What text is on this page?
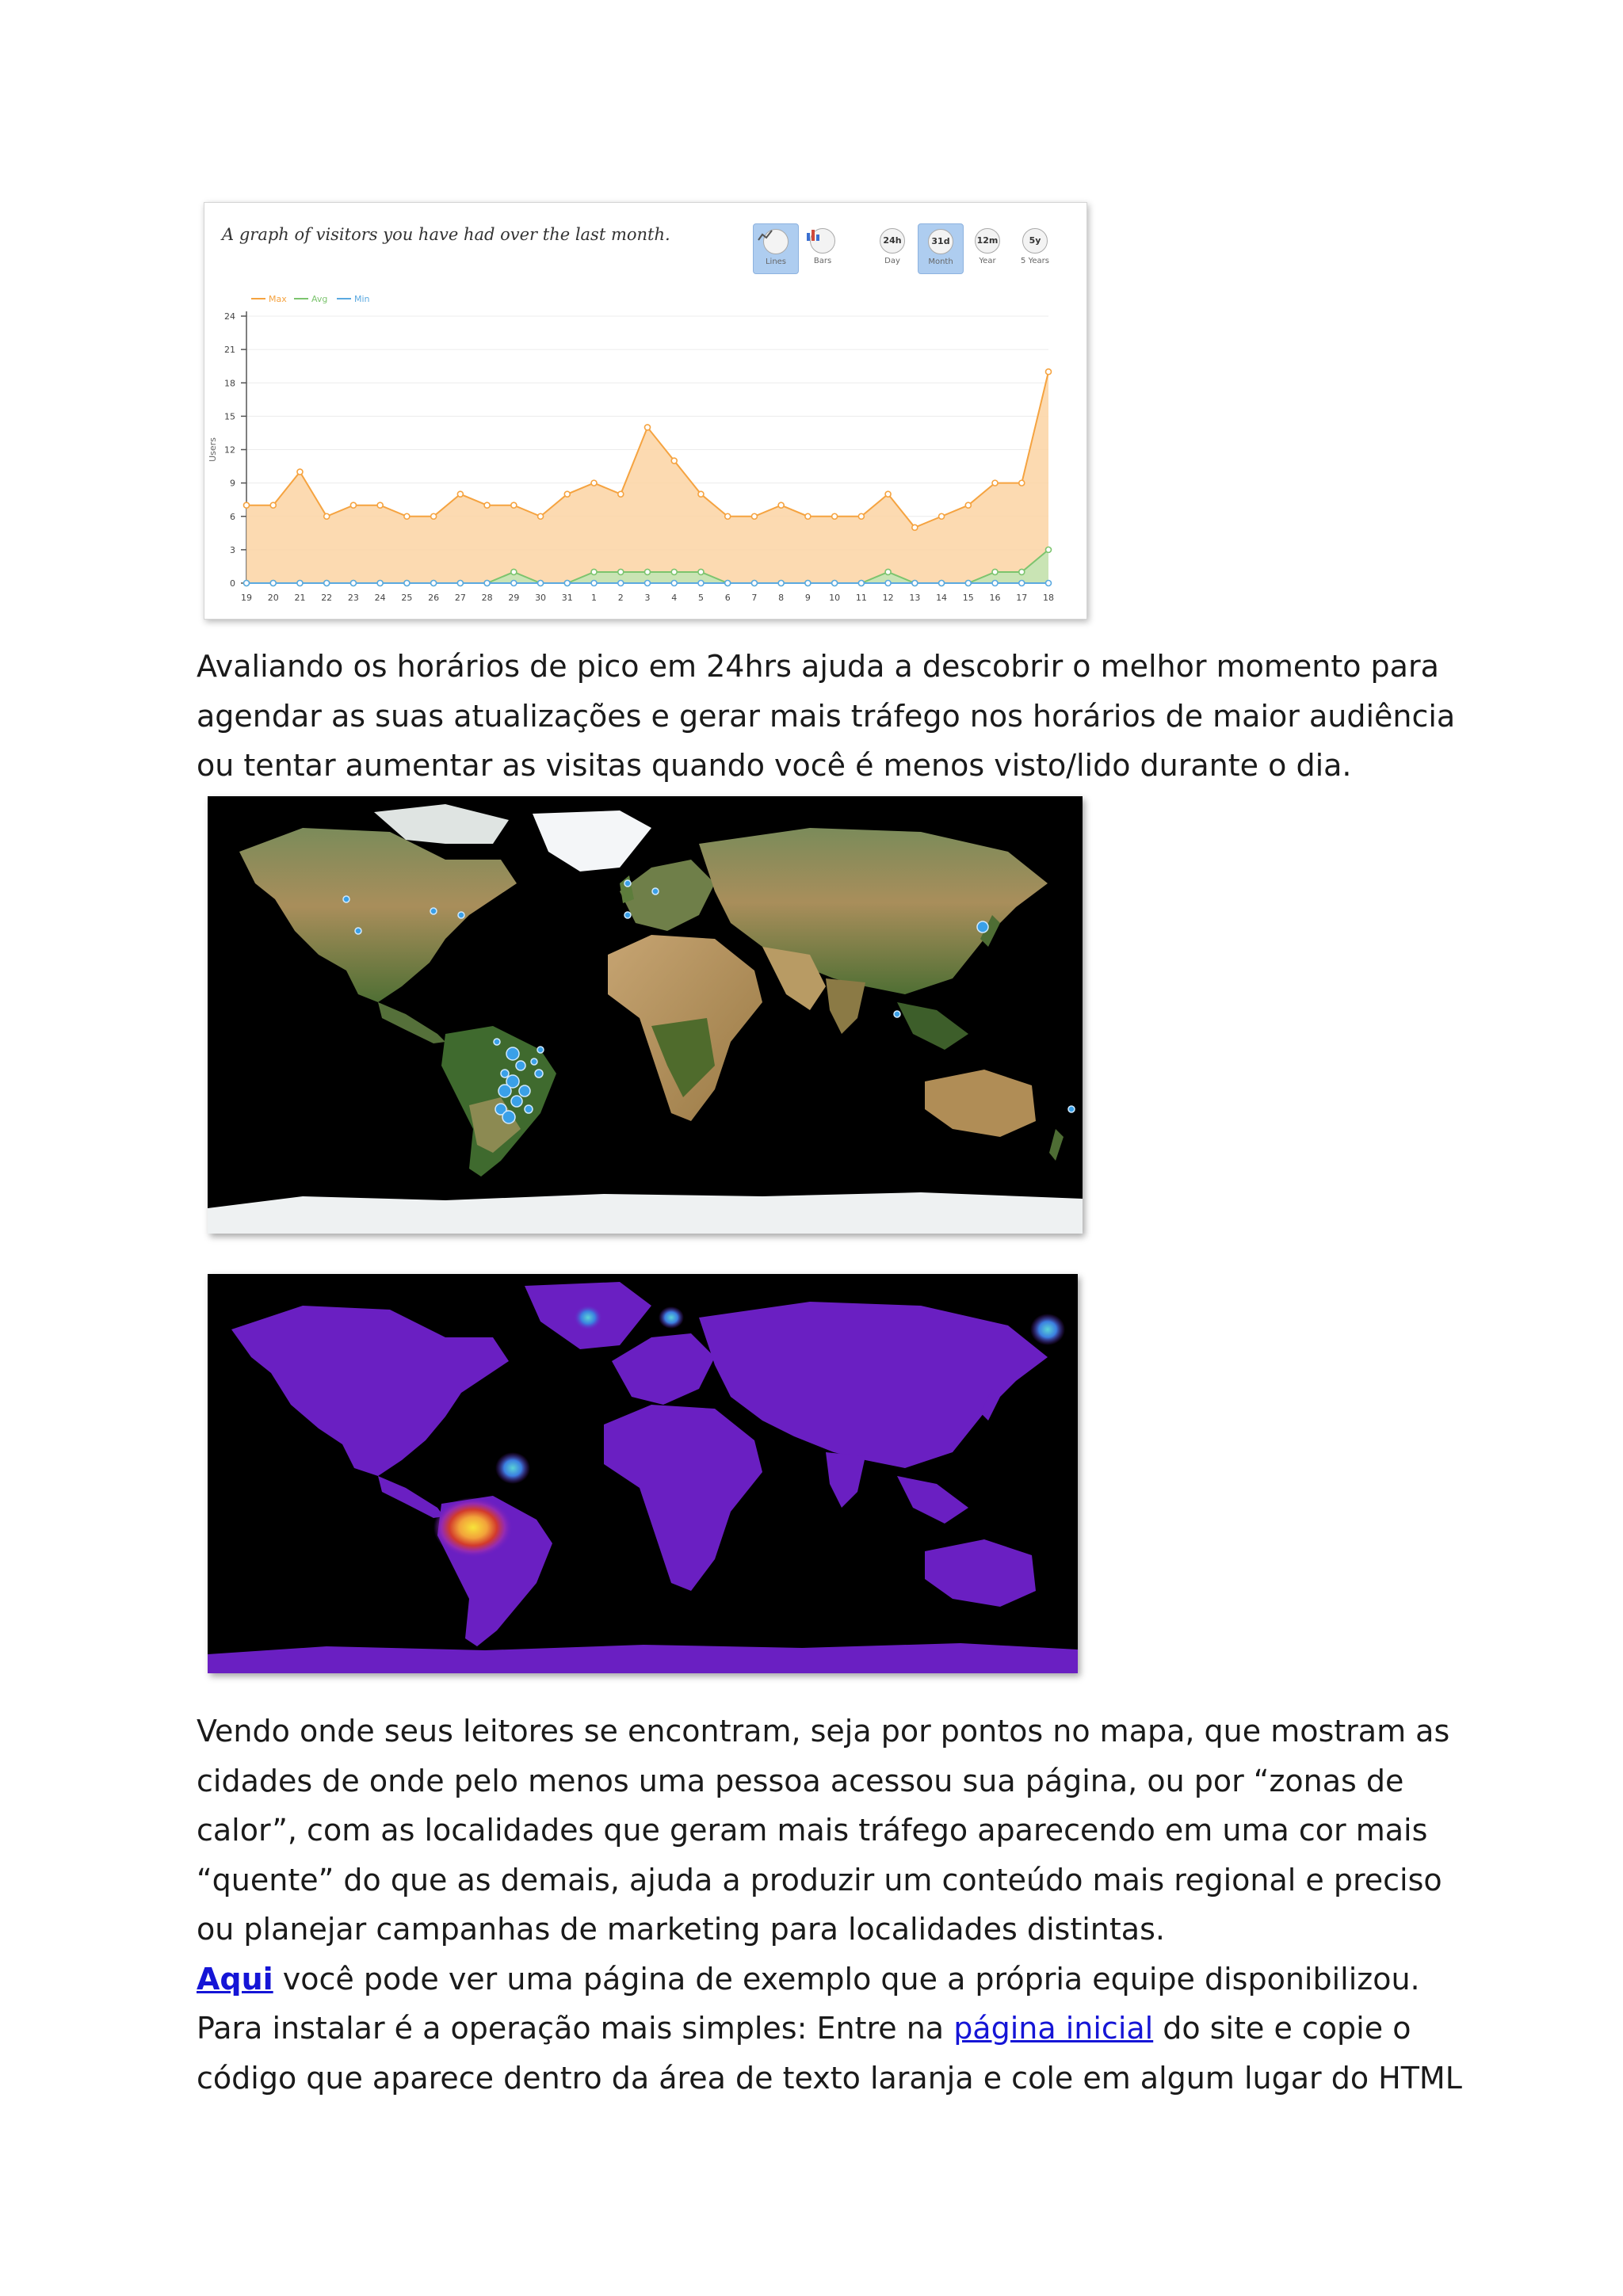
A graph of visitors you have had over the last month.
Lines	Bars
24h
Day
31d
Month
12m
Year
5y
5 Years
0
3
6
9
12
15
18
21
24
Users
19 20 21 22 23 24 25 26 27 28 29 30 31 1 2 3 4 5 6 7 8 9 10 11 12 13 14 15 16 17 18
Max	Avg	Min
Avaliando os horários de pico em 24hrs ajuda a descobrir o melhor momento para
agendar as suas atualizações e gerar mais tráfego nos horários de maior audiência
ou tentar aumentar as visitas quando você é menos visto/lido durante o dia.
Vendo onde seus leitores se encontram, seja por pontos no mapa, que mostram as
cidades de onde pelo menos uma pessoa acessou sua página, ou por “zonas de
calor”, com as localidades que geram mais tráfego aparecendo em uma cor mais
“quente” do que as demais, ajuda a produzir um conteúdo mais regional e preciso
ou planejar campanhas de marketing para localidades distintas.
Aqui você pode ver uma página de exemplo que a própria equipe disponibilizou.
Para instalar é a operação mais simples: Entre na página inicial do site e copie o
código que aparece dentro da área de texto laranja e cole em algum lugar do HTML
